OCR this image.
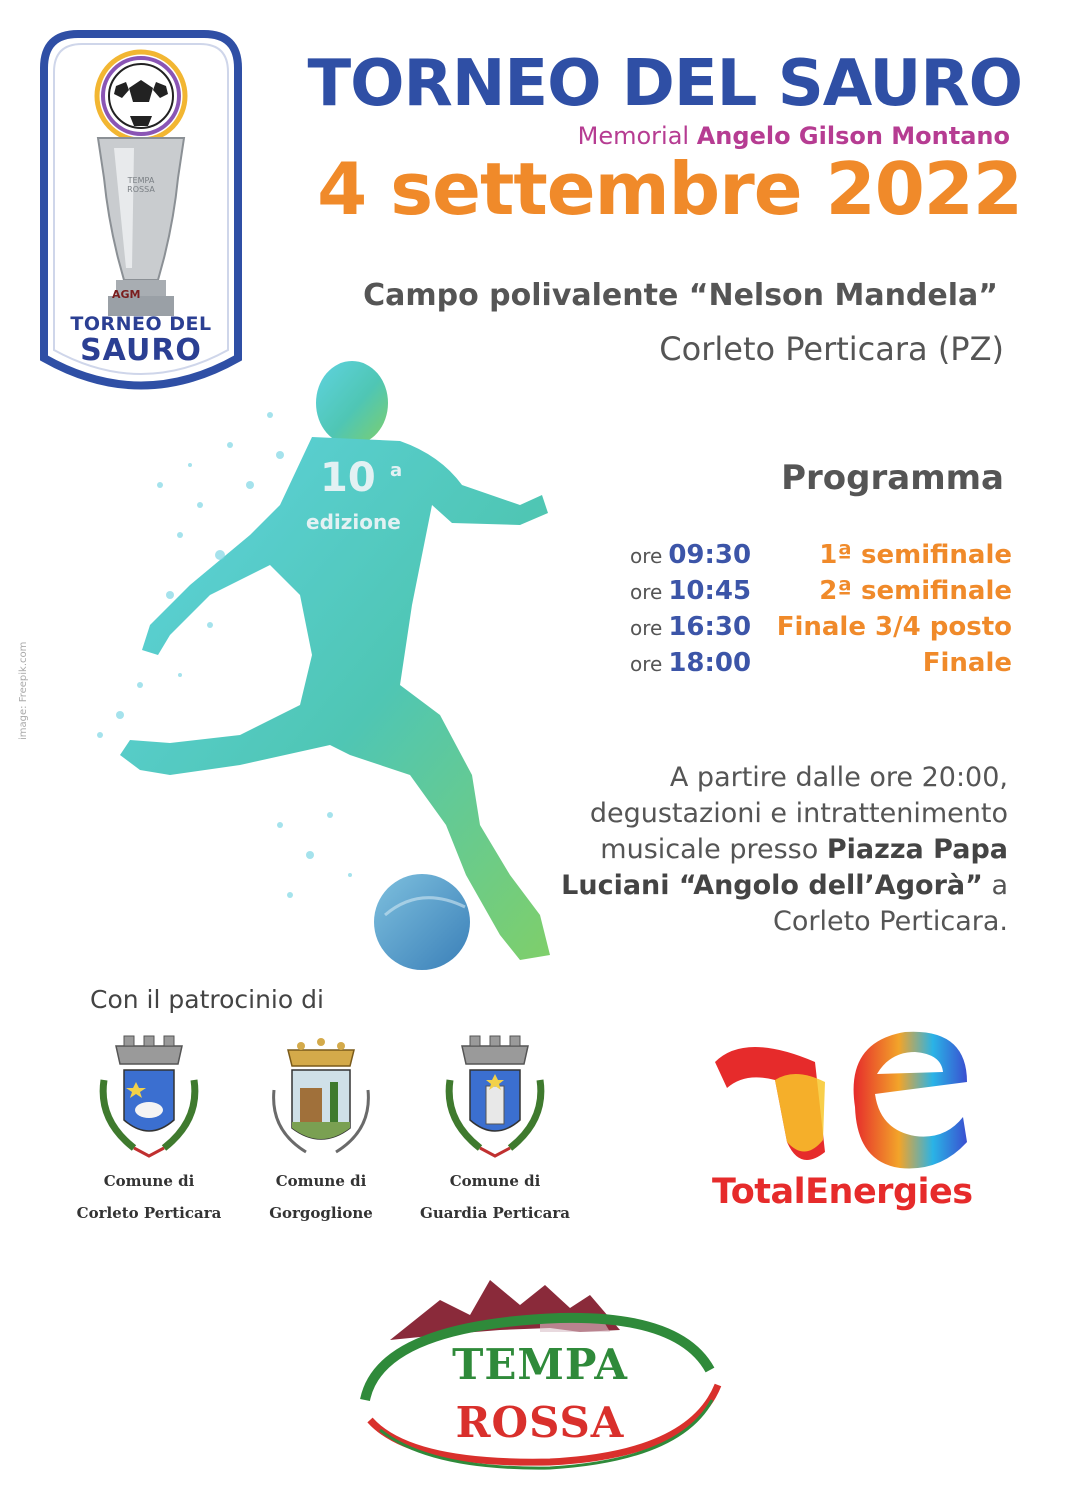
TEMPA ROSSA
AGM
TORNEO DEL
SAURO
TORNEO DEL SAURO
Memorial Angelo Gilson Montano
4 settembre 2022
Campo polivalente “Nelson Mandela”
Corleto Perticara (PZ)
10 a
edizione
image: Freepik.com
Programma
ore 09:30	1ª semifinale
ore 10:45	2ª semifinale
ore 16:30 Finale 3/4 posto
ore 18:00	Finale
A partire dalle ore 20:00,
degustazioni e intrattenimento
musicale presso Piazza Papa
Luciani “Angolo dell’Agorà” a
Corleto Perticara.
Con il patrocinio di
Comune di
Corleto Perticara
Comune di
Gorgoglione
Comune di
Guardia Perticara
TotalEnergies
TEMPA
ROSSA
